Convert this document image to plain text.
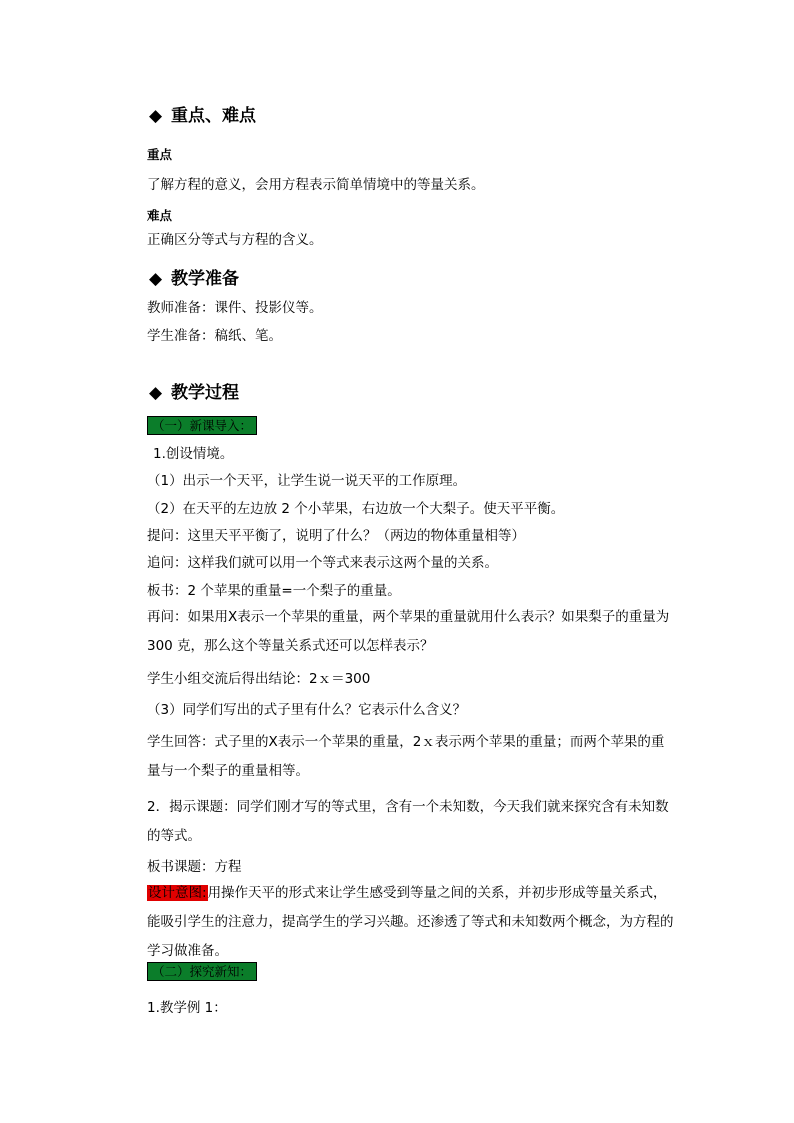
◆ 重点、难点
重点
了解方程的意义，会用方程表示简单情境中的等量关系。
难点
正确区分等式与方程的含义。
◆ 教学准备
教师准备：课件、投影仪等。
学生准备：稿纸、笔。
◆ 教学过程
（一）新课导入：
1.创设情境。
（1）出示一个天平，让学生说一说天平的工作原理。
（2）在天平的左边放 2 个小苹果，右边放一个大梨子。使天平平衡。
提问：这里天平平衡了，说明了什么？（两边的物体重量相等）
追问：这样我们就可以用一个等式来表示这两个量的关系。
板书：2 个苹果的重量=一个梨子的重量。
再问：如果用X表示一个苹果的重量，两个苹果的重量就用什么表示？如果梨子的重量为 300 克，那么这个等量关系式还可以怎样表示？
学生小组交流后得出结论：2ｘ＝300
（3）同学们写出的式子里有什么？它表示什么含义？
学生回答：式子里的X表示一个苹果的重量，2ｘ表示两个苹果的重量；而两个苹果的重量与一个梨子的重量相等。
2．揭示课题：同学们刚才写的等式里，含有一个未知数，今天我们就来探究含有未知数的等式。
板书课题：方程
设计意图:用操作天平的形式来让学生感受到等量之间的关系，并初步形成等量关系式，能吸引学生的注意力，提高学生的学习兴趣。还渗透了等式和未知数两个概念，为方程的学习做准备。
（二）探究新知：
1.教学例 1：
